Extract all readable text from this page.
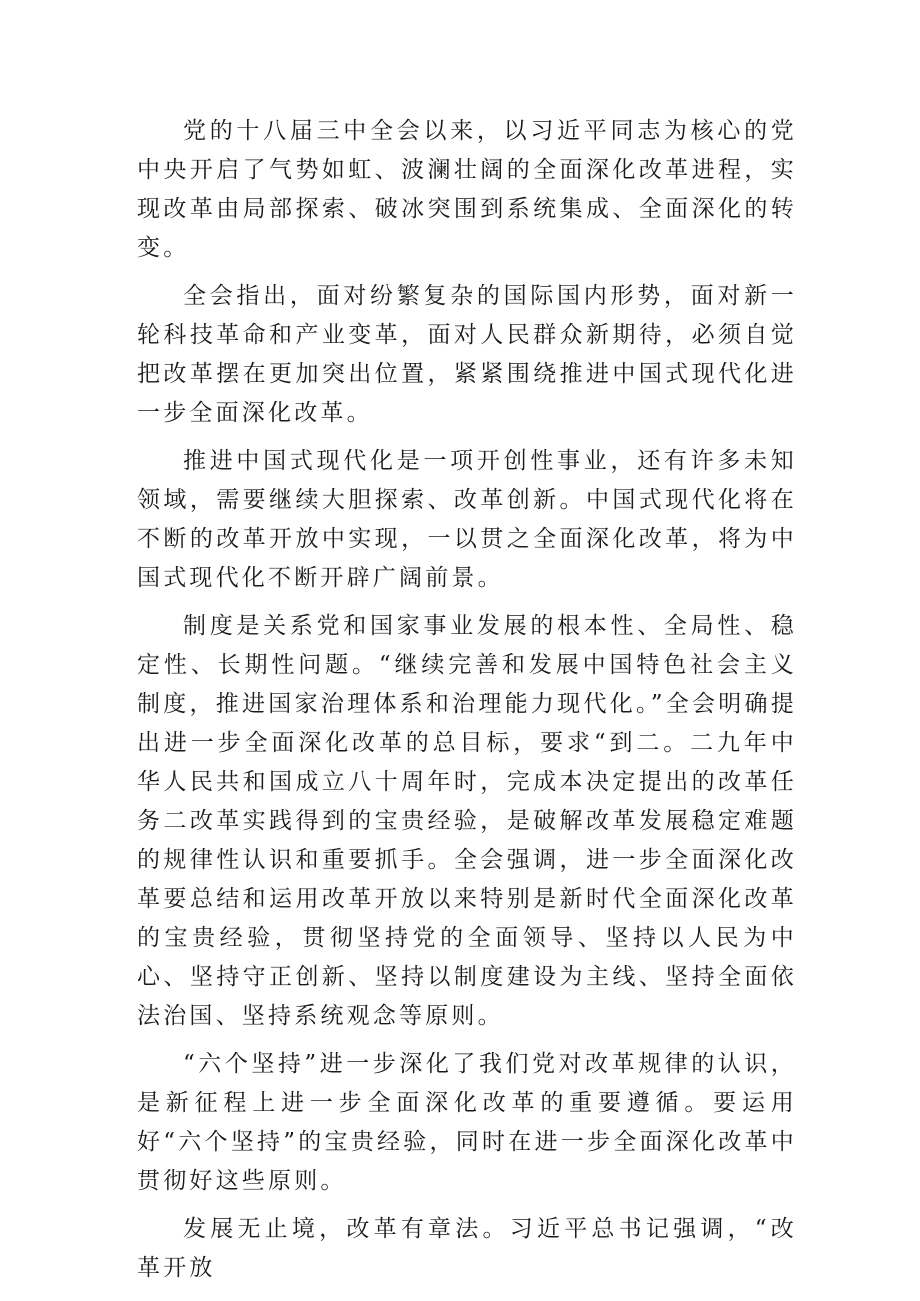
党的十八届三中全会以来，以习近平同志为核心的党中央开启了气势如虹、波澜壮阔的全面深化改革进程，实现改革由局部探索、破冰突围到系统集成、全面深化的转变。

全会指出，面对纷繁复杂的国际国内形势，面对新一轮科技革命和产业变革，面对人民群众新期待，必须自觉把改革摆在更加突出位置，紧紧围绕推进中国式现代化进一步全面深化改革。

推进中国式现代化是一项开创性事业，还有许多未知领域，需要继续大胆探索、改革创新。中国式现代化将在不断的改革开放中实现，一以贯之全面深化改革，将为中国式现代化不断开辟广阔前景。

制度是关系党和国家事业发展的根本性、全局性、稳定性、长期性问题。“继续完善和发展中国特色社会主义制度，推进国家治理体系和治理能力现代化。”全会明确提出进一步全面深化改革的总目标，要求“到二。二九年中华人民共和国成立八十周年时，完成本决定提出的改革任务二改革实践得到的宝贵经验，是破解改革发展稳定难题的规律性认识和重要抓手。全会强调，进一步全面深化改革要总结和运用改革开放以来特别是新时代全面深化改革的宝贵经验，贯彻坚持党的全面领导、坚持以人民为中心、坚持守正创新、坚持以制度建设为主线、坚持全面依法治国、坚持系统观念等原则。

“六个坚持”进一步深化了我们党对改革规律的认识，是新征程上进一步全面深化改革的重要遵循。要运用好“六个坚持”的宝贵经验，同时在进一步全面深化改革中贯彻好这些原则。

发展无止境，改革有章法。习近平总书记强调，“改革开放
